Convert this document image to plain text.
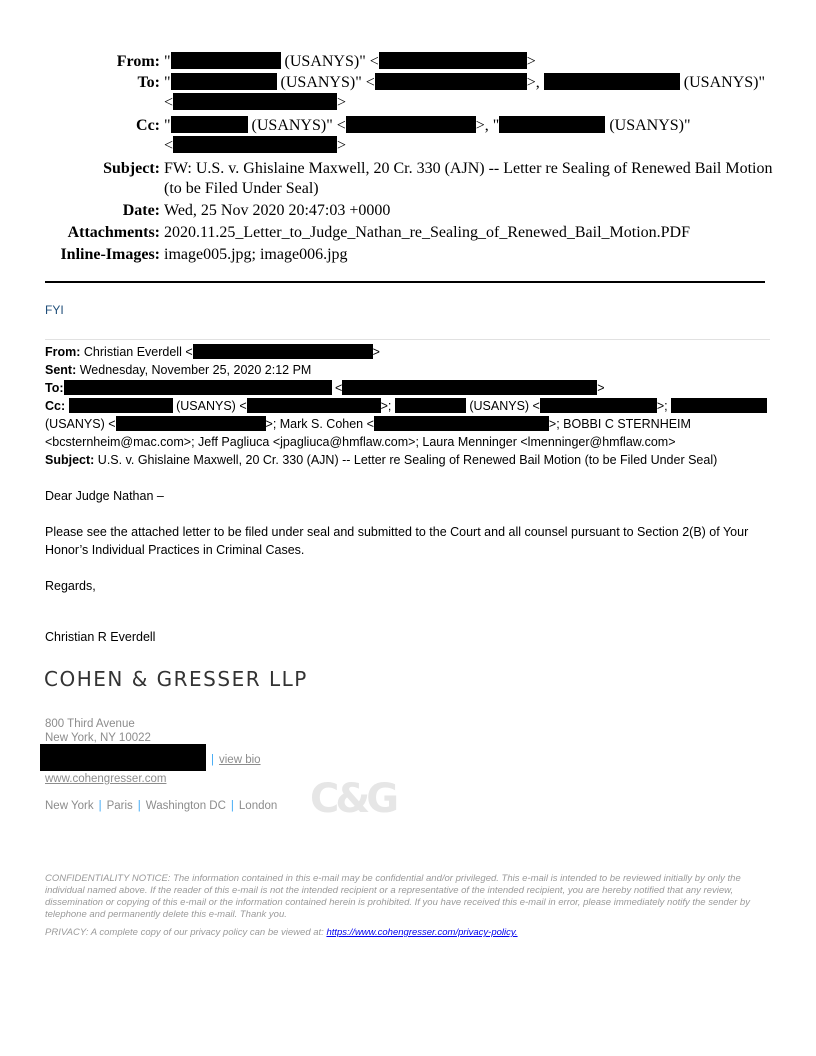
From: "	(USANYS)" <	>
To: "	(USANYS)" <	>,	(USANYS)"
<	>
Cc: "	(USANYS)" <	>, "	(USANYS)"
<	>
Subject: FW: U.S. v. Ghislaine Maxwell, 20 Cr. 330 (AJN) -- Letter re Sealing of Renewed Bail Motion (to be Filed Under Seal)
Date: Wed, 25 Nov 2020 20:47:03 +0000
Attachments: 2020.11.25_Letter_to_Judge_Nathan_re_Sealing_of_Renewed_Bail_Motion.PDF
Inline-Images: image005.jpg; image006.jpg
FYI
From: Christian Everdell <	>
Sent: Wednesday, November 25, 2020 2:12 PM
To:	<	>
Cc:	(USANYS) <	>;	(USANYS) <	>;
(USANYS) <	>; Mark S. Cohen <	>; BOBBI C STERNHEIM
<bcsternheim@mac.com>; Jeff Pagliuca <jpagliuca@hmflaw.com>; Laura Menninger <lmenninger@hmflaw.com>
Subject: U.S. v. Ghislaine Maxwell, 20 Cr. 330 (AJN) -- Letter re Sealing of Renewed Bail Motion (to be Filed Under Seal)

Dear Judge Nathan –

Please see the attached letter to be filed under seal and submitted to the Court and all counsel pursuant to Section 2(B) of Your Honor’s Individual Practices in Criminal Cases.

Regards,

Christian R Everdell
COHEN & GRESSER LLP
800 Third Avenue
New York, NY 10022
| view bio
www.cohengresser.com
New York | Paris | Washington DC | London C&G
CONFIDENTIALITY NOTICE: The information contained in this e-mail may be confidential and/or privileged. This e-mail is intended to be reviewed initially by only the individual named above. If the reader of this e-mail is not the intended recipient or a representative of the intended recipient, you are hereby notified that any review, dissemination or copying of this e-mail or the information contained herein is prohibited. If you have received this e-mail in error, please immediately notify the sender by telephone and permanently delete this e-mail. Thank you.
PRIVACY: A complete copy of our privacy policy can be viewed at: https://www.cohengresser.com/privacy-policy.
